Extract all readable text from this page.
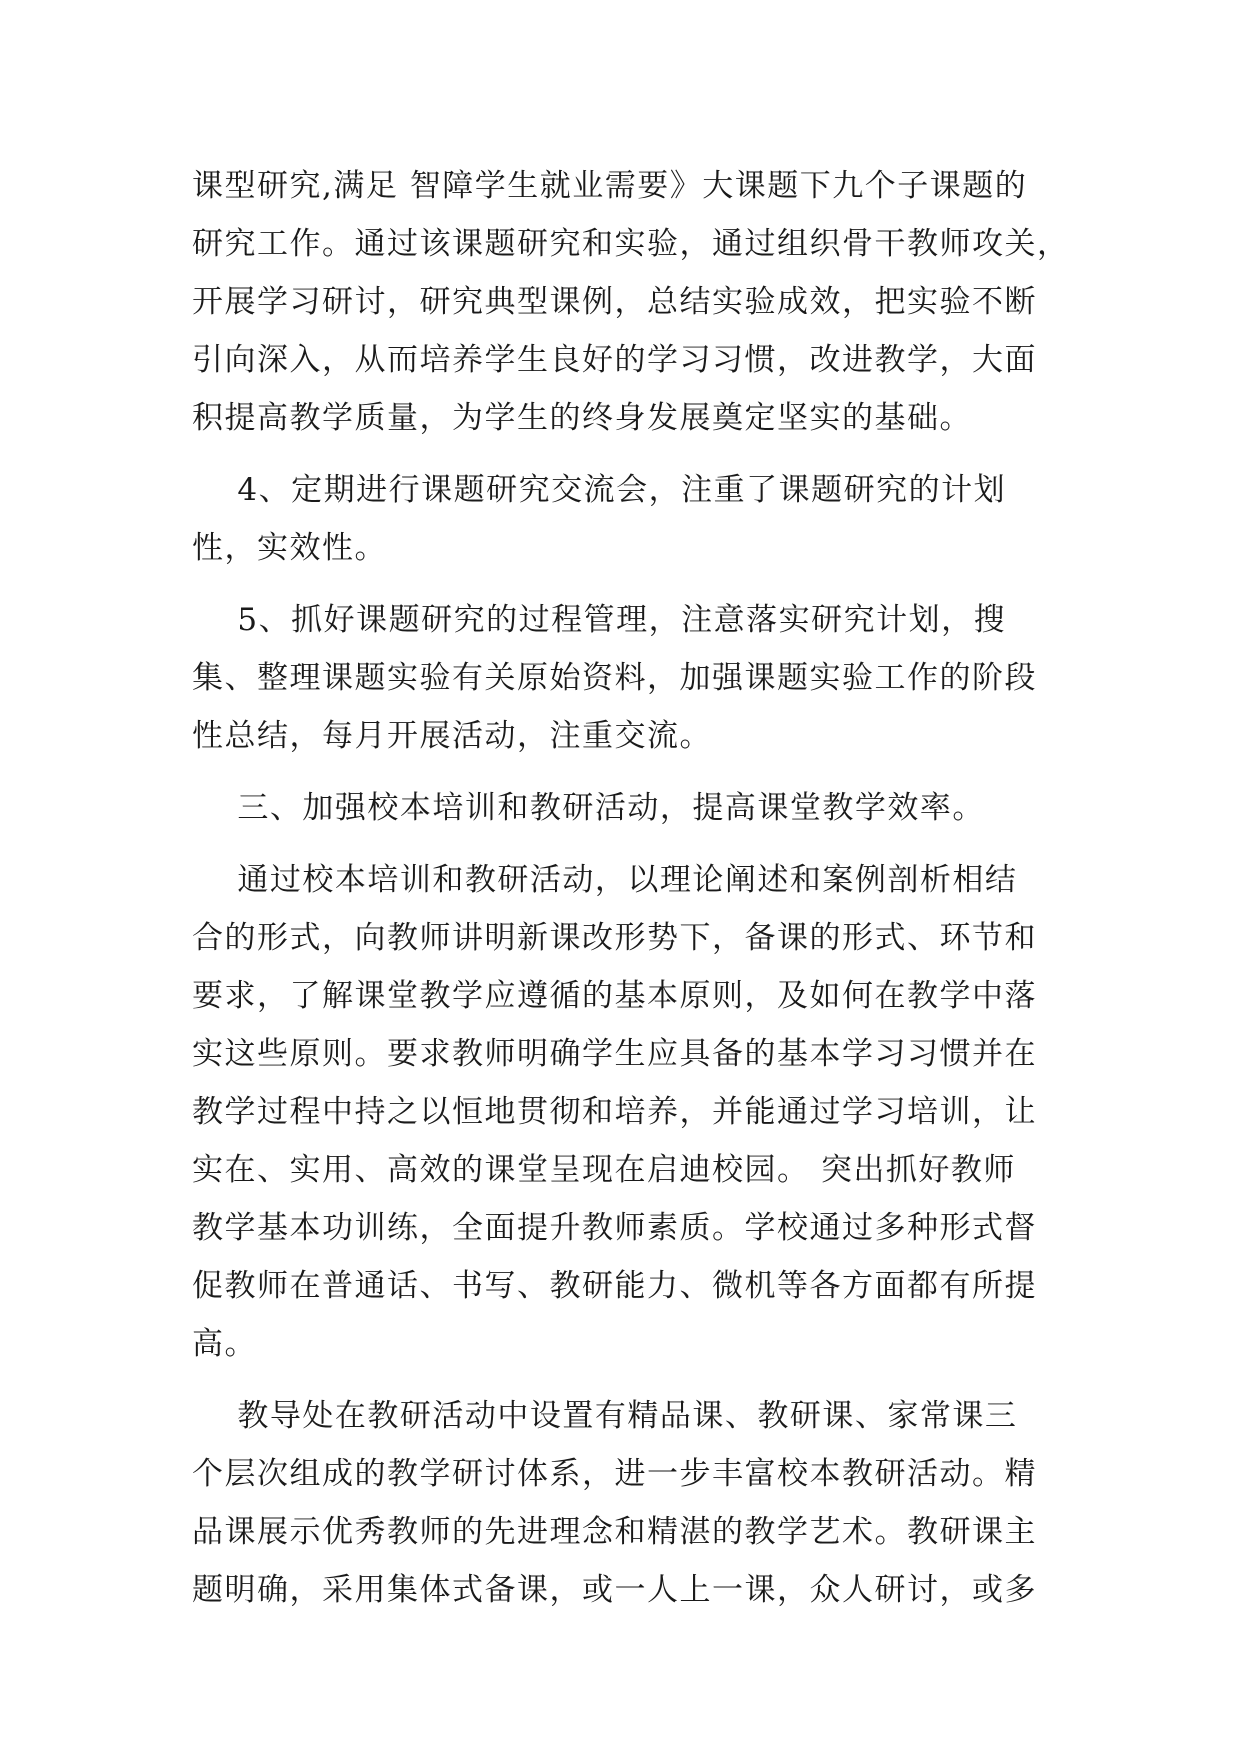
课型研究,满足 智障学生就业需要》大课题下九个子课题的
研究工作。通过该课题研究和实验，通过组织骨干教师攻关，
开展学习研讨，研究典型课例，总结实验成效，把实验不断
引向深入，从而培养学生良好的学习习惯，改进教学，大面
积提高教学质量，为学生的终身发展奠定坚实的基础。
4、定期进行课题研究交流会，注重了课题研究的计划
性，实效性。
5、抓好课题研究的过程管理，注意落实研究计划，搜
集、整理课题实验有关原始资料，加强课题实验工作的阶段
性总结，每月开展活动，注重交流。
三、加强校本培训和教研活动，提高课堂教学效率。
通过校本培训和教研活动，以理论阐述和案例剖析相结
合的形式，向教师讲明新课改形势下，备课的形式、环节和
要求，了解课堂教学应遵循的基本原则，及如何在教学中落
实这些原则。要求教师明确学生应具备的基本学习习惯并在
教学过程中持之以恒地贯彻和培养，并能通过学习培训，让
实在、实用、高效的课堂呈现在启迪校园。 突出抓好教师
教学基本功训练，全面提升教师素质。学校通过多种形式督
促教师在普通话、书写、教研能力、微机等各方面都有所提
高。
教导处在教研活动中设置有精品课、教研课、家常课三
个层次组成的教学研讨体系，进一步丰富校本教研活动。精
品课展示优秀教师的先进理念和精湛的教学艺术。教研课主
题明确，采用集体式备课，或一人上一课，众人研讨，或多
